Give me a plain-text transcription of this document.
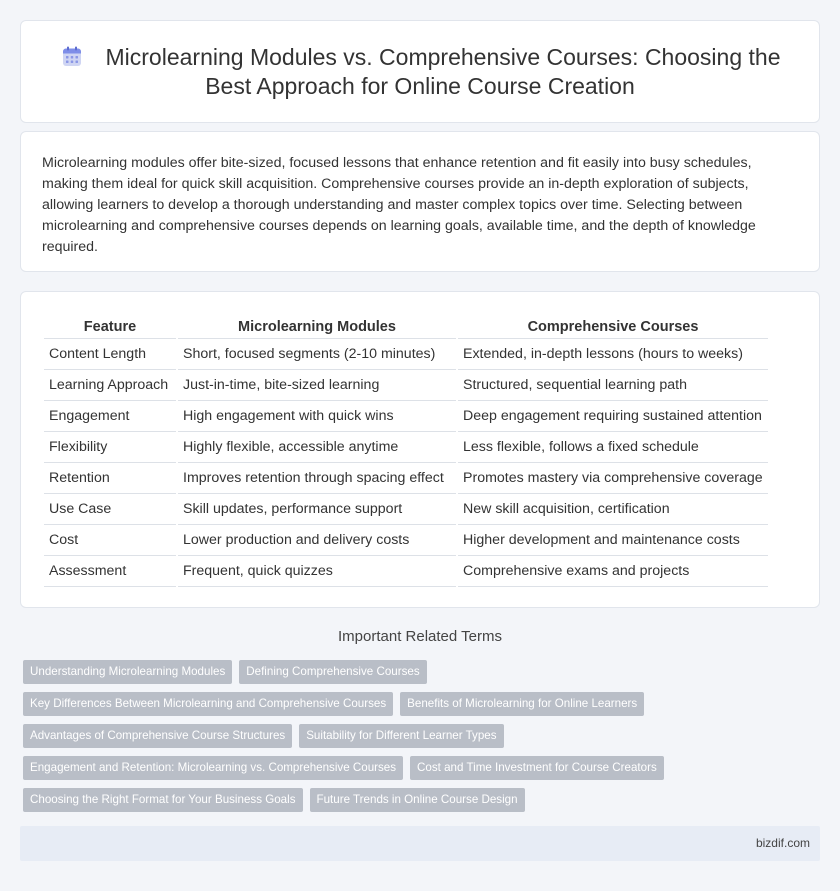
Microlearning Modules vs. Comprehensive Courses: Choosing the Best Approach for Online Course Creation
Microlearning modules offer bite-sized, focused lessons that enhance retention and fit easily into busy schedules, making them ideal for quick skill acquisition. Comprehensive courses provide an in-depth exploration of subjects, allowing learners to develop a thorough understanding and master complex topics over time. Selecting between microlearning and comprehensive courses depends on learning goals, available time, and the depth of knowledge required.
Feature	Microlearning Modules	Comprehensive Courses
Content Length	Short, focused segments (2-10 minutes)	Extended, in-depth lessons (hours to weeks)
Learning Approach	Just-in-time, bite-sized learning	Structured, sequential learning path
Engagement	High engagement with quick wins	Deep engagement requiring sustained attention
Flexibility	Highly flexible, accessible anytime	Less flexible, follows a fixed schedule
Retention	Improves retention through spacing effect	Promotes mastery via comprehensive coverage
Use Case	Skill updates, performance support	New skill acquisition, certification
Cost	Lower production and delivery costs	Higher development and maintenance costs
Assessment	Frequent, quick quizzes	Comprehensive exams and projects
Important Related Terms
Understanding Microlearning Modules Defining Comprehensive Courses
Key Differences Between Microlearning and Comprehensive Courses Benefits of Microlearning for Online Learners
Advantages of Comprehensive Course Structures Suitability for Different Learner Types
Engagement and Retention: Microlearning vs. Comprehensive Courses Cost and Time Investment for Course Creators
Choosing the Right Format for Your Business Goals Future Trends in Online Course Design
bizdif.com
